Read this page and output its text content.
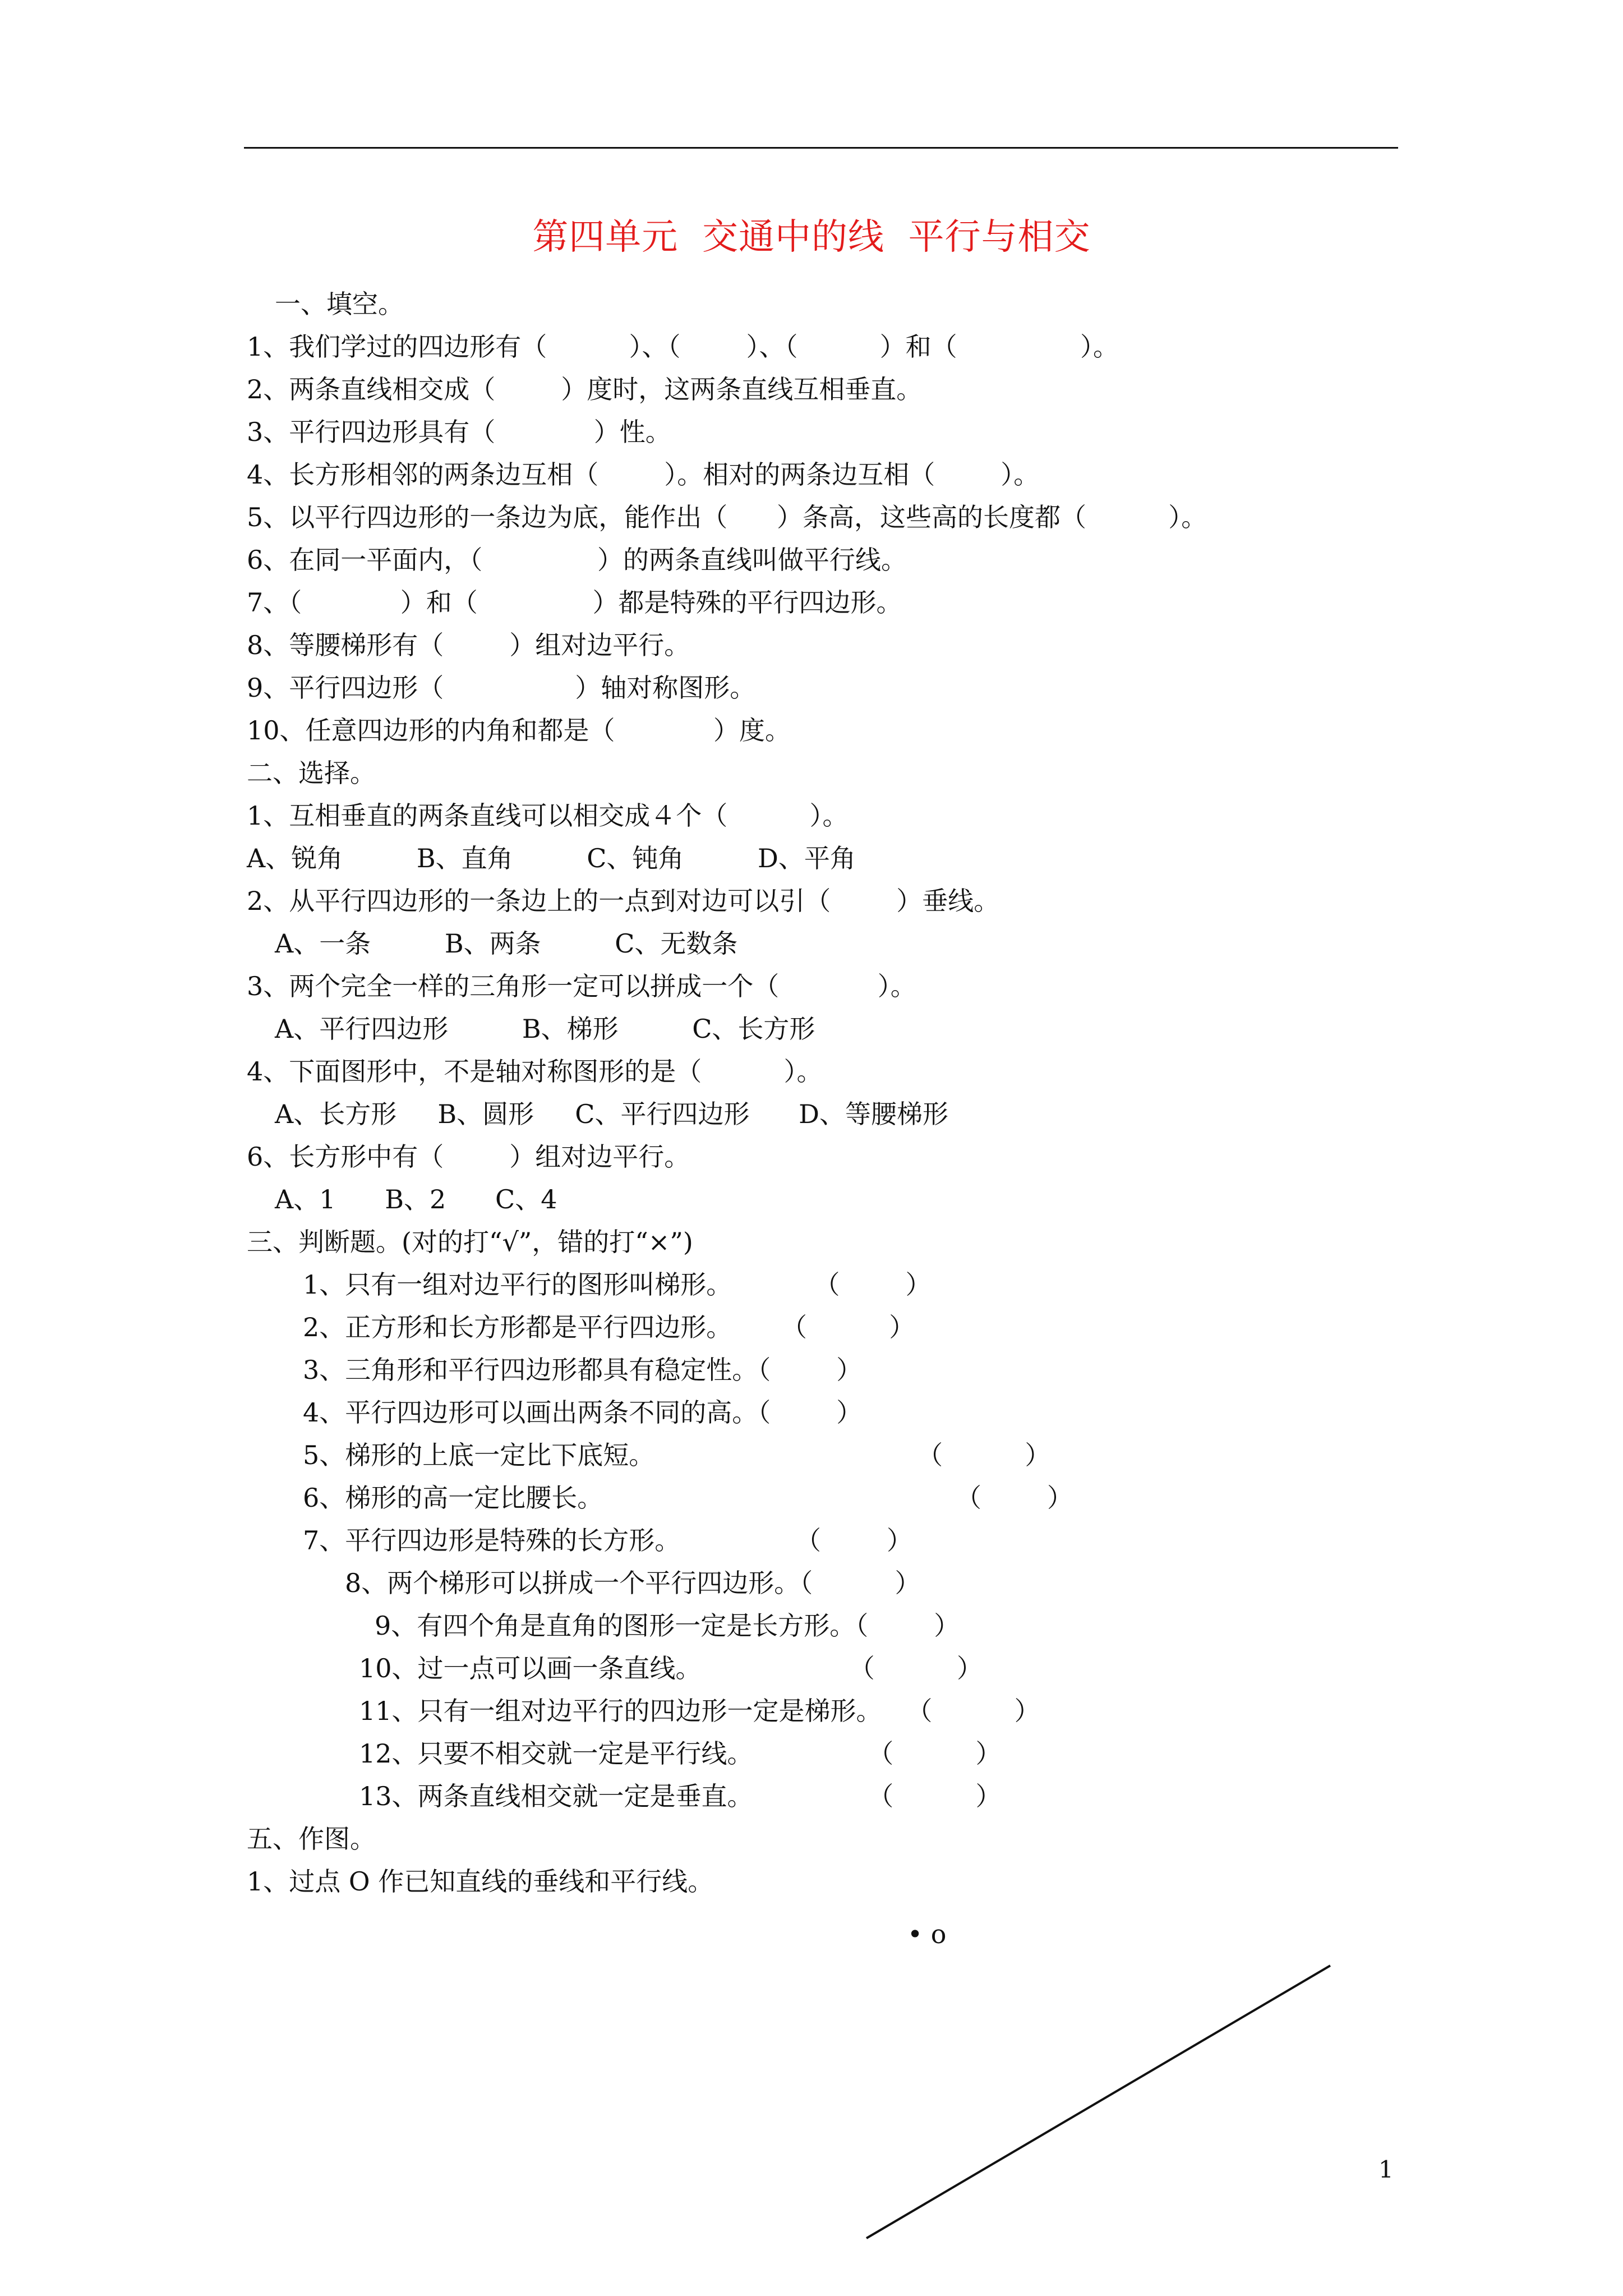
第四单元  交通中的线  平行与相交

一、填空。

1、我们学过的四边形有（          ）、（        ）、（          ）和（               ）。

2、两条直线相交成（        ）度时，这两条直线互相垂直。

3、平行四边形具有（            ）性。

4、长方形相邻的两条边互相（        ）。相对的两条边互相（        ）。

5、以平行四边形的一条边为底，能作出（      ）条高，这些高的长度都（          ）。

6、在同一平面内，（              ）的两条直线叫做平行线。

7、（            ）和（              ）都是特殊的平行四边形。

8、等腰梯形有（        ）组对边平行。

9、平行四边形（                ）轴对称图形。

10、任意四边形的内角和都是（            ）度。

二、选择。

1、互相垂直的两条直线可以相交成４个（          ）。

A、锐角         B、直角         C、钝角         D、平角

2、从平行四边形的一条边上的一点到对边可以引（        ）垂线。

A、一条         B、两条         C、无数条

3、两个完全一样的三角形一定可以拼成一个（            ）。

A、平行四边形         B、梯形         C、长方形

4、下面图形中，不是轴对称图形的是（          ）。

A、长方形     B、圆形     C、平行四边形      D、等腰梯形

6、长方形中有（        ）组对边平行。

A、1      B、2      C、4

三、判断题。(对的打“√”，错的打“×”)

1、只有一组对边平行的图形叫梯形。          （        ）

2、正方形和长方形都是平行四边形。      （          ）

3、三角形和平行四边形都具有稳定性。（        ）

4、平行四边形可以画出两条不同的高。（        ）

5、梯形的上底一定比下底短。                                （          ）

6、梯形的高一定比腰长。                                           （        ）

7、平行四边形是特殊的长方形。              （        ）

8、两个梯形可以拼成一个平行四边形。（          ）

9、有四个角是直角的图形一定是长方形。（        ）

10、过一点可以画一条直线。                  （          ）

11、只有一组对边平行的四边形一定是梯形。   （          ）

12、只要不相交就一定是平行线。              （          ）

13、两条直线相交就一定是垂直。              （          ）

五、作图。

1、过点 O 作已知直线的垂线和平行线。

• o
1
